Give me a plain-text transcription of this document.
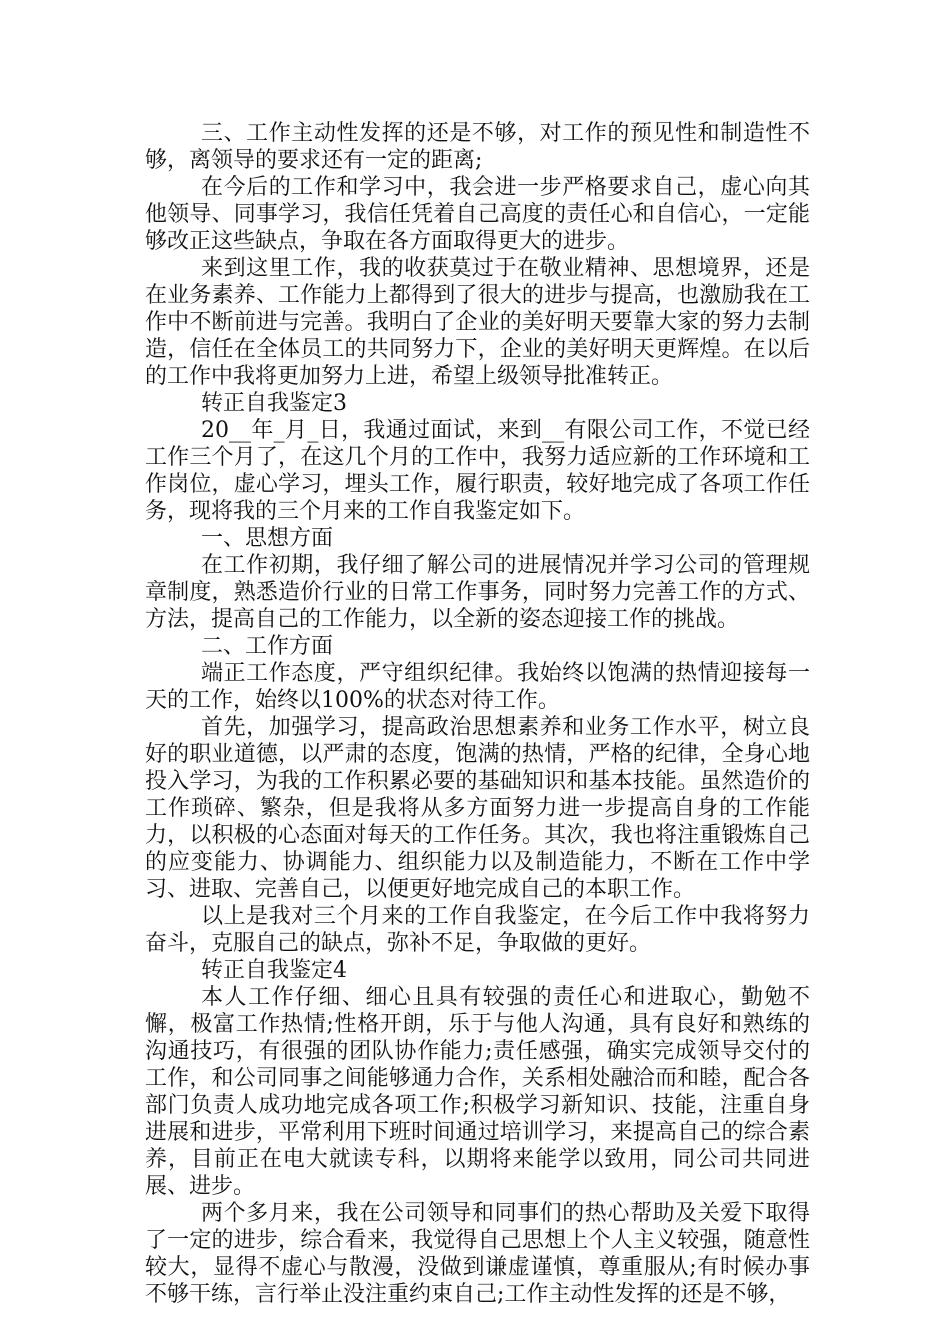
三、工作主动性发挥的还是不够，对工作的预见性和制造性不够，离领导的要求还有一定的距离;

在今后的工作和学习中，我会进一步严格要求自己，虚心向其他领导、同事学习，我信任凭着自己高度的责任心和自信心，一定能够改正这些缺点，争取在各方面取得更大的进步。

来到这里工作，我的收获莫过于在敬业精神、思想境界，还是在业务素养、工作能力上都得到了很大的进步与提高，也激励我在工作中不断前进与完善。我明白了企业的美好明天要靠大家的努力去制造，信任在全体员工的共同努力下，企业的美好明天更辉煌。在以后的工作中我将更加努力上进，希望上级领导批准转正。

转正自我鉴定3

20__年_月_日，我通过面试，来到__有限公司工作，不觉已经工作三个月了，在这几个月的工作中，我努力适应新的工作环境和工作岗位，虚心学习，埋头工作，履行职责，较好地完成了各项工作任务，现将我的三个月来的工作自我鉴定如下。

一、思想方面

在工作初期，我仔细了解公司的进展情况并学习公司的管理规章制度，熟悉造价行业的日常工作事务，同时努力完善工作的方式、方法，提高自己的工作能力，以全新的姿态迎接工作的挑战。

二、工作方面

端正工作态度，严守组织纪律。我始终以饱满的热情迎接每一天的工作，始终以100%的状态对待工作。

首先，加强学习，提高政治思想素养和业务工作水平，树立良好的职业道德，以严肃的态度，饱满的热情，严格的纪律，全身心地投入学习，为我的工作积累必要的基础知识和基本技能。虽然造价的工作琐碎、繁杂，但是我将从多方面努力进一步提高自身的工作能力，以积极的心态面对每天的工作任务。其次，我也将注重锻炼自己的应变能力、协调能力、组织能力以及制造能力，不断在工作中学习、进取、完善自己，以便更好地完成自己的本职工作。

以上是我对三个月来的工作自我鉴定，在今后工作中我将努力奋斗，克服自己的缺点，弥补不足，争取做的更好。

转正自我鉴定4

本人工作仔细、细心且具有较强的责任心和进取心，勤勉不懈，极富工作热情;性格开朗，乐于与他人沟通，具有良好和熟练的沟通技巧，有很强的团队协作能力;责任感强，确实完成领导交付的工作，和公司同事之间能够通力合作，关系相处融洽而和睦，配合各部门负责人成功地完成各项工作;积极学习新知识、技能，注重自身进展和进步，平常利用下班时间通过培训学习，来提高自己的综合素养，目前正在电大就读专科，以期将来能学以致用，同公司共同进展、进步。

两个多月来，我在公司领导和同事们的热心帮助及关爱下取得了一定的进步，综合看来，我觉得自己思想上个人主义较强，随意性较大，显得不虚心与散漫，没做到谦虚谨慎，尊重服从;有时候办事不够干练，言行举止没注重约束自己;工作主动性发挥的还是不够，
